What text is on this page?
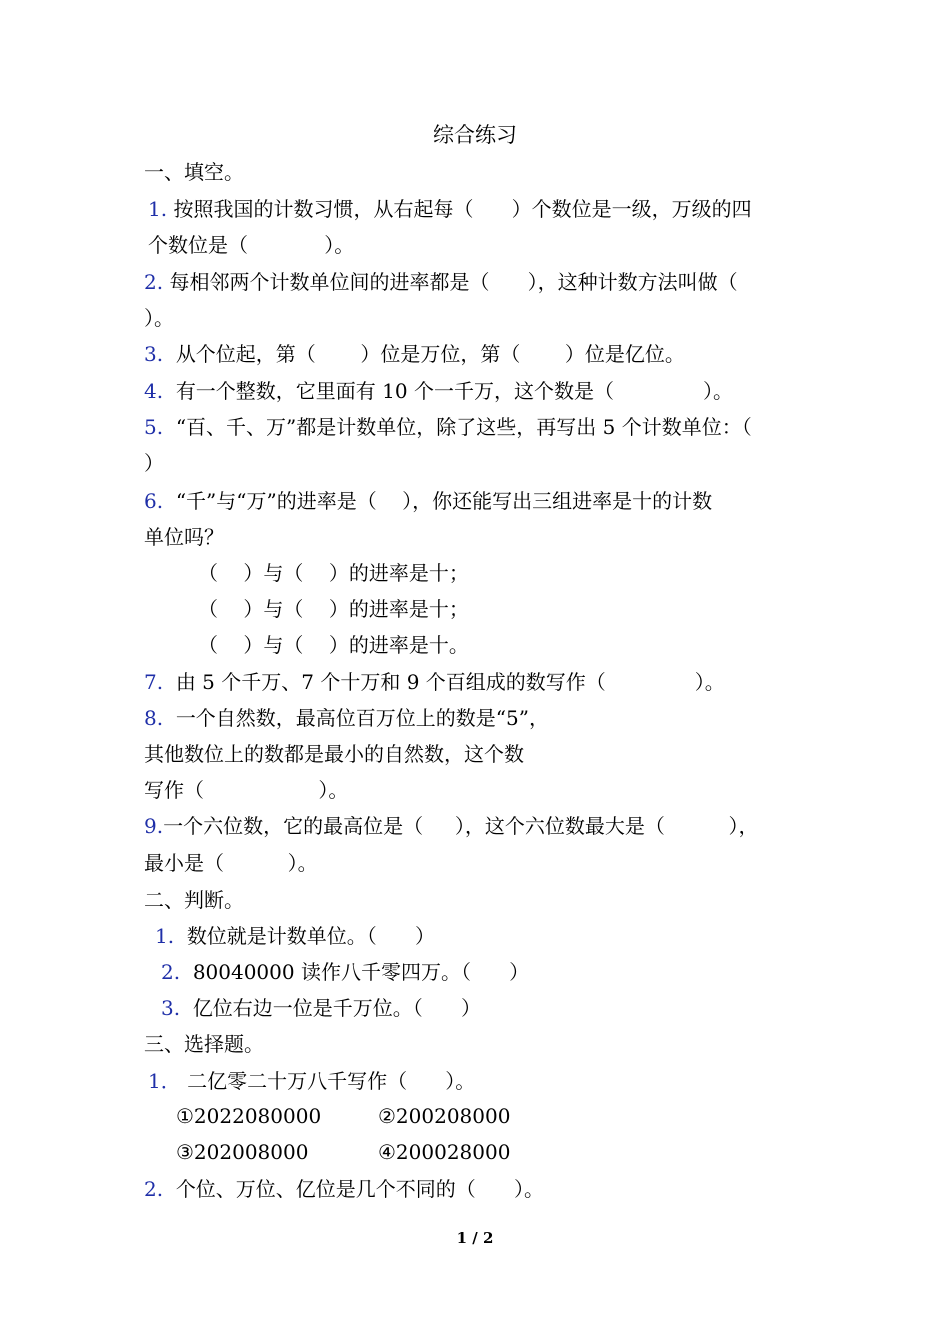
综合练习
一、填空。
1. 按照我国的计数习惯，从右起每（      ）个数位是一级，万级的四
个数位是（            ）。
2. 每相邻两个计数单位间的进率都是（      ），这种计数方法叫做（
）。
3. 从个位起，第（       ）位是万位，第（       ）位是亿位。
4. 有一个整数，它里面有 10 个一千万，这个数是（              ）。
5. “百、千、万”都是计数单位，除了这些，再写出 5 个计数单位：（
）
6. “千”与“万”的进率是（    ），你还能写出三组进率是十的计数
单位吗？
（    ）与（    ）的进率是十；
（    ）与（    ）的进率是十；
（    ）与（    ）的进率是十。
7. 由 5 个千万、7 个十万和 9 个百组成的数写作（              ）。
8. 一个自然数，最高位百万位上的数是“5”，
其他数位上的数都是最小的自然数，这个数
写作（                  ）。
9.一个六位数，它的最高位是（     ），这个六位数最大是（          ），
最小是（          ）。
二、判断。
1. 数位就是计数单位。（      ）
2. 80040000 读作八千零四万。（      ）
3. 亿位右边一位是千万位。（      ）
三、选择题。
1． 二亿零二十万八千写作（      ）。
①2022080000	②200208000
③202008000	④200028000
2. 个位、万位、亿位是几个不同的（      ）。
1 / 2
